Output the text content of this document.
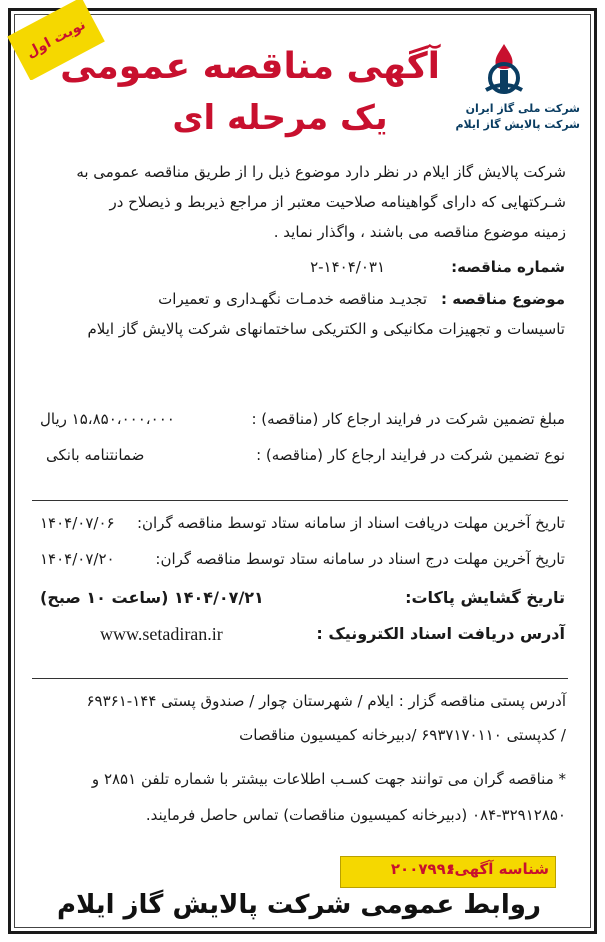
نوبت اول
آگهی مناقصه عمومی
یک مرحله ای	شرکت ملی گاز ایران
شرکت پالایش گاز ایلام
شرکت پالایش گاز ایلام در نظر دارد موضوع ذیل را از طریق مناقصه عمومی به
شـرکتهایی که دارای گواهینامه صلاحیت معتبر از مراجع ذیربط و ذیصلاح در
زمینه موضوع مناقصه می باشند ، واگذار نماید .
شماره مناقصه:
۲-۱۴۰۴/۰۳۱
موضوع مناقصه :
تجدیـد مناقصه خدمـات نگهـداری و تعمیرات
تاسیسات و تجهیزات مکانیکی و الکتریکی ساختمانهای شرکت پالایش گاز ایلام
مبلغ تضمین شرکت در فرایند ارجاع کار (مناقصه) :
۱۵،۸۵۰،۰۰۰،۰۰۰ ریال
نوع تضمین شرکت در فرایند ارجاع کار (مناقصه) :
ضمانتنامه بانکی
تاریخ آخرین مهلت دریافت اسناد از سامانه ستاد توسط مناقصه گران:
۱۴۰۴/۰۷/۰۶
تاریخ آخرین مهلت درج اسناد در سامانه ستاد توسط مناقصه گران:
۱۴۰۴/۰۷/۲۰
تاریخ گشایش پاکات:
۱۴۰۴/۰۷/۲۱ (ساعت ۱۰ صبح)
آدرس دریافت اسناد الکترونیک :
www.setadiran.ir
آدرس پستی مناقصه گزار : ایلام / شهرستان چوار / صندوق پستی ۱۴۴-۶۹۳۶۱
/ کدپستی ۶۹۳۷۱۷۰۱۱۰ /دبیرخانه کمیسیون مناقصات
* مناقصه گران می توانند جهت کسـب اطلاعات بیشتر با شماره تلفن ۲۸۵۱ و
۰۸۴-۳۲۹۱۲۸۵۰ (دبیرخانه کمیسیون مناقصات) تماس حاصل فرمایند.
شناسه آگهی:
۲۰۰۷۹۹۶
روابط عمومی شرکت پالایش گاز ایلام
